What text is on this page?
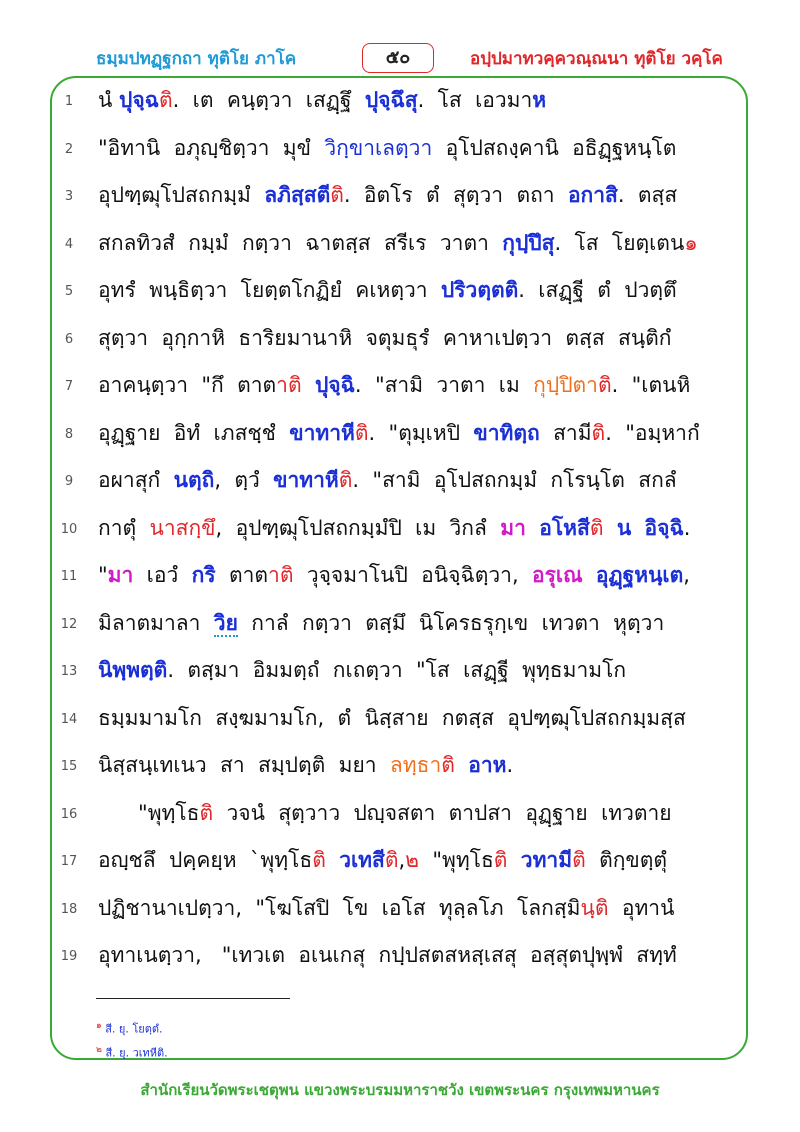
ธมฺมปทฏฺฐกถา ทุติโย ภาโค	๕๐	อปฺปมาทวคฺควณฺณนา ทุติโย วคฺโค
1 นํ ปุจฺฉติ.  เต  คนฺตฺวา  เสฏฺฐึ  ปุจฺฉึสุ.  โส  เอวมาห
2 "อิทานิ  อภุญฺชิตฺวา  มุขํ  วิกฺขาเลตฺวา  อุโปสถงฺคานิ  อธิฏฺฐหนฺโต
3 อุปฑฺฒุโปสถกมฺมํ  ลภิสฺสตีติ.  อิตโร  ตํ  สุตฺวา  ตถา  อกาสิ.  ตสฺส
4 สกลทิวสํ  กมฺมํ  กตฺวา  ฉาตสฺส  สรีเร  วาตา  กุปฺปึสุ.  โส  โยตฺเตน๑
5 อุทรํ  พนฺธิตฺวา  โยตฺตโกฏิยํ  คเหตฺวา  ปริวตฺตติ.  เสฏฺฐี  ตํ  ปวตฺตึ
6 สุตฺวา  อุกฺกาหิ  ธาริยมานาหิ  จตุมธุรํ  คาหาเปตฺวา  ตสฺส  สนฺติกํ
7 อาคนฺตฺวา  "กึ  ตาตาติ ปุจฺฉิ.  "สามิ  วาตา  เม  กุปฺปิตาติ.  "เตนหิ
8 อุฏฺฐาย  อิทํ  เภสชฺชํ  ขาทาหีติ.  "ตุมฺเหปิ  ขาทิตฺถ  สามีติ.  "อมฺหากํ
9 อผาสุกํ  นตฺถิ,  ตฺวํ  ขาทาหีติ.  "สามิ  อุโปสถกมฺมํ  กโรนฺโต  สกลํ
10 กาตุํ  นาสกฺขึ,  อุปฑฺฒุโปสถกมฺมํปิ  เม  วิกลํ  มา อโหสีติ น อิจฺฉิ.
11 "มา  เอวํ  กริ  ตาตาติ  วุจฺจมาโนปิ  อนิจฺฉิตฺวา,  อรุเณ อุฏฺฐหนฺเต,
12 มิลาตมาลา  วิย  กาลํ  กตฺวา  ตสฺมึ  นิโครธรุกฺเข  เทวตา  หุตฺวา
13 นิพฺพตฺติ.  ตสฺมา  อิมมตฺถํ  กเถตฺวา  "โส  เสฏฺฐี  พุทฺธมามโก
14 ธมฺมมามโก  สงฺฆมามโก,  ตํ  นิสฺสาย  กตสฺส  อุปฑฺฒุโปสถกมฺมสฺส
15 นิสฺสนฺเทเนว  สา  สมฺปตฺติ  มยา  ลทฺธาติ อาห.
16 "พุทฺโธติ  วจนํ  สุตฺวาว  ปญฺจสตา  ตาปสา  อุฏฺฐาย  เทวตาย
17 อญฺชลึ  ปคฺคยฺห  `พุทฺโธติ วเทสีติ,๒  "พุทฺโธติ วทามีติ  ติกฺขตฺตุํ
18 ปฏิชานาเปตฺวา,  "โฆโสปิ  โข  เอโส  ทุลฺลโภ  โลกสฺมินฺติ  อุทานํ
19 อุทาเนตฺวา,   "เทวเต  อเนเกสุ  กปฺปสตสหสฺเสสุ  อสฺสุตปุพฺพํ  สทฺทํ
$^๑$ สี. ยุ. โยตฺตํ.
$^๒$ สี. ยุ. วเทหีติ.
สำนักเรียนวัดพระเชตุพน แขวงพระบรมมหาราชวัง เขตพระนคร กรุงเทพมหานคร
